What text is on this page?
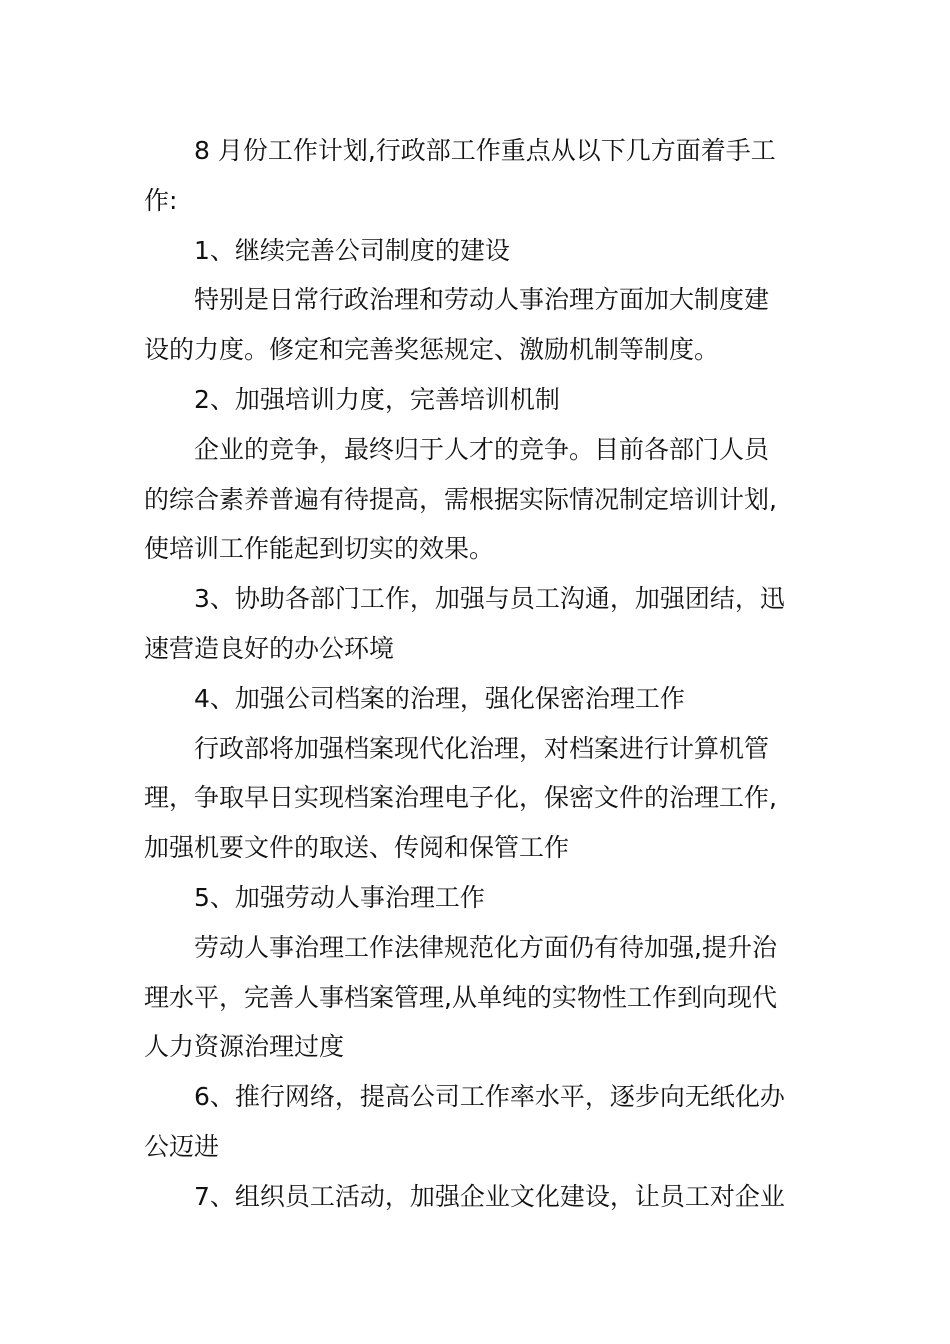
8 月份工作计划,行政部工作重点从以下几方面着手工
作:

1、继续完善公司制度的建设

特别是日常行政治理和劳动人事治理方面加大制度建
设的力度。修定和完善奖惩规定、激励机制等制度。

2、加强培训力度，完善培训机制

企业的竞争，最终归于人才的竞争。目前各部门人员
的综合素养普遍有待提高，需根据实际情况制定培训计划,
使培训工作能起到切实的效果。

3、协助各部门工作，加强与员工沟通，加强团结，迅
速营造良好的办公环境

4、加强公司档案的治理，强化保密治理工作

行政部将加强档案现代化治理，对档案进行计算机管
理，争取早日实现档案治理电子化，保密文件的治理工作,
加强机要文件的取送、传阅和保管工作

5、加强劳动人事治理工作

劳动人事治理工作法律规范化方面仍有待加强,提升治
理水平，完善人事档案管理,从单纯的实物性工作到向现代
人力资源治理过度

6、推行网络，提高公司工作率水平，逐步向无纸化办
公迈进

7、组织员工活动，加强企业文化建设，让员工对企业
